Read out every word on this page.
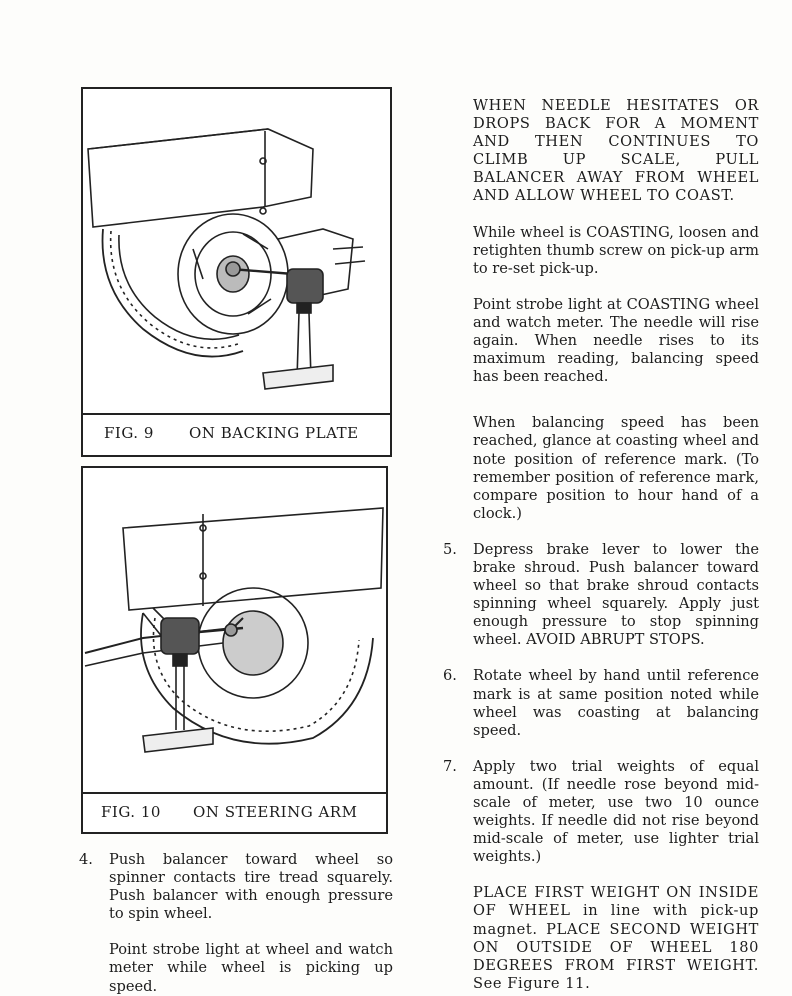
FIG. 9 ON BACKING PLATE
FIG. 10 ON STEERING ARM
4. Push balancer toward wheel so spinner contacts tire tread squarely. Push balancer with enough pressure to spin wheel.

Point strobe light at wheel and watch meter while wheel is picking up speed.

WHEN NEEDLE HESITATES OR DROPS BACK FOR A MOMENT AND THEN CONTINUES TO CLIMB UP SCALE, PULL BALANCER AWAY FROM WHEEL AND ALLOW WHEEL TO COAST.

While wheel is COASTING, loosen and retighten thumb screw on pick-up arm to re-set pick-up.

Point strobe light at COASTING wheel and watch meter. The needle will rise again. When needle rises to its maximum reading, balancing speed has been reached.

When balancing speed has been reached, glance at coasting wheel and note position of reference mark. (To remember position of reference mark, compare position to hour hand of a clock.)

5. Depress brake lever to lower the brake shroud. Push balancer toward wheel so that brake shroud contacts spinning wheel squarely. Apply just enough pressure to stop spinning wheel. AVOID ABRUPT STOPS.

6. Rotate wheel by hand until reference mark is at same position noted while wheel was coasting at balancing speed.

7. Apply two trial weights of equal amount. (If needle rose beyond mid-scale of meter, use two 10 ounce weights. If needle did not rise beyond mid-scale of meter, use lighter trial weights.)

PLACE FIRST WEIGHT ON INSIDE OF WHEEL in line with pick-up magnet. PLACE SECOND WEIGHT ON OUTSIDE OF WHEEL 180 DEGREES FROM FIRST WEIGHT. See Figure 11.
